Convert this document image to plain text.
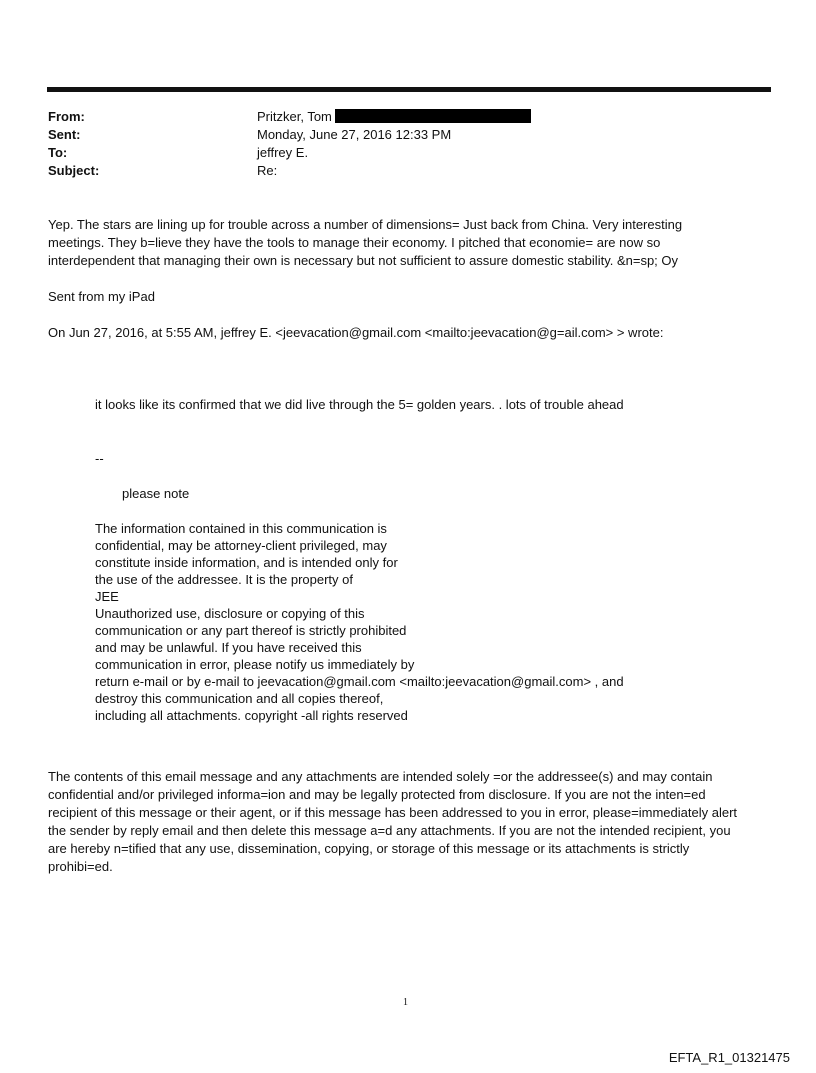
From:	Pritzker, Tom
Sent:	Monday, June 27, 2016 12:33 PM
To:	jeffrey E.
Subject:	Re:
Yep. The stars are lining up for trouble across a number of dimensions= Just back from China. Very interesting
meetings. They b=lieve they have the tools to manage their economy. I pitched that economie= are now so
interdependent that managing their own is necessary but not sufficient to assure domestic stability. &n=sp; Oy
Sent from my iPad
On Jun 27, 2016, at 5:55 AM, jeffrey E. <jeevacation@gmail.com <mailto:jeevacation@g=ail.com> > wrote:
it looks like its confirmed that we did live through the 5= golden years. . lots of trouble ahead
--
please note
The information contained in this communication is
confidential, may be attorney-client privileged, may
constitute inside information, and is intended only for
the use of the addressee. It is the property of
JEE
Unauthorized use, disclosure or copying of this
communication or any part thereof is strictly prohibited
and may be unlawful. If you have received this
communication in error, please notify us immediately by
return e-mail or by e-mail to jeevacation@gmail.com <mailto:jeevacation@gmail.com> , and
destroy this communication and all copies thereof,
including all attachments. copyright -all rights reserved
The contents of this email message and any attachments are intended solely =or the addressee(s) and may contain
confidential and/or privileged informa=ion and may be legally protected from disclosure. If you are not the inten=ed
recipient of this message or their agent, or if this message has been addressed to you in error, please=immediately alert
the sender by reply email and then delete this message a=d any attachments. If you are not the intended recipient, you
are hereby n=tified that any use, dissemination, copying, or storage of this message or its attachments is strictly
prohibi=ed.
1
EFTA_R1_01321475
